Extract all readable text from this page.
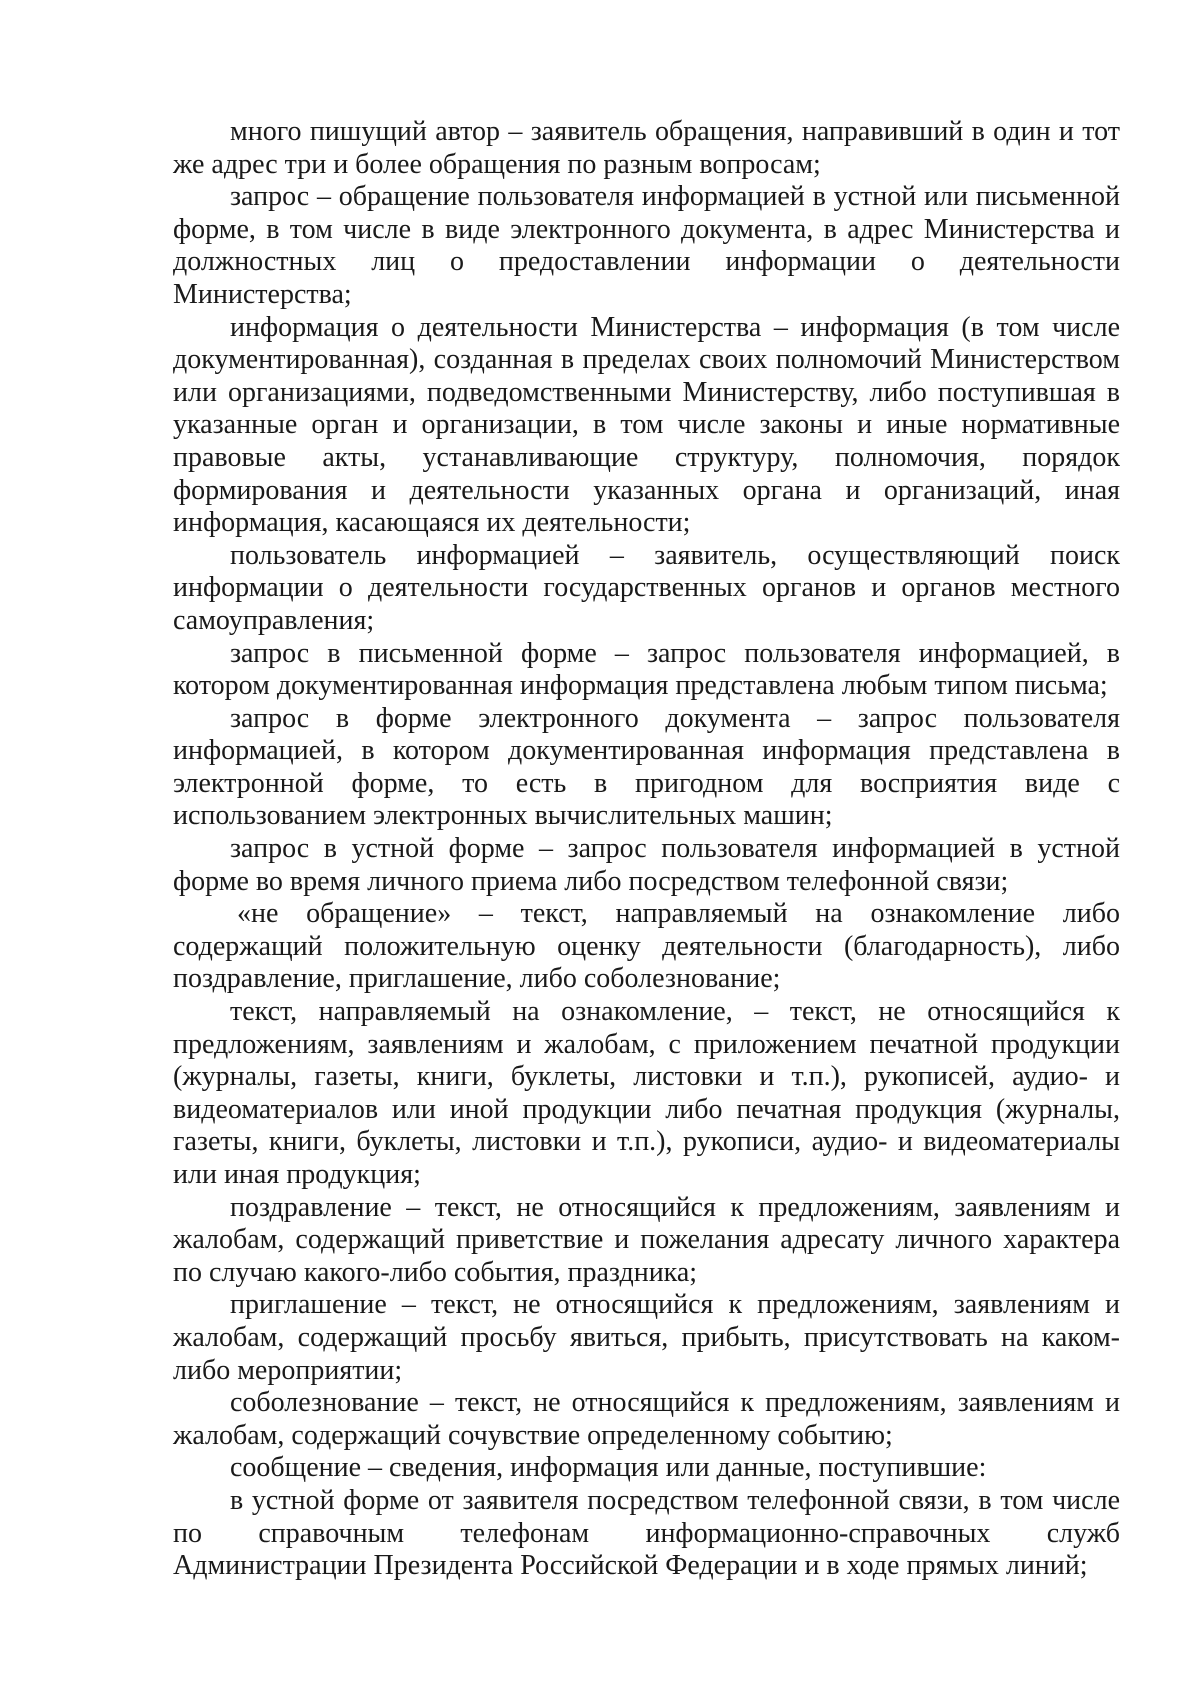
много пишущий автор – заявитель обращения, направивший в один и тот же адрес три и более обращения по разным вопросам;

запрос – обращение пользователя информацией в устной или письменной форме, в том числе в виде электронного документа, в адрес Министерства и должностных лиц о предоставлении информации о деятельности Министерства;

информация о деятельности Министерства – информация (в том числе документированная), созданная в пределах своих полномочий Министерством или организациями, подведомственными Министерству, либо поступившая в указанные орган и организации, в том числе законы и иные нормативные правовые акты, устанавливающие структуру, полномочия, порядок формирования и деятельности указанных органа и организаций, иная информация, касающаяся их деятельности;

пользователь информацией – заявитель, осуществляющий поиск информации о деятельности государственных органов и органов местного самоуправления;

запрос в письменной форме – запрос пользователя информацией, в котором документированная информация представлена любым типом письма;

запрос в форме электронного документа – запрос пользователя информацией, в котором документированная информация представлена в электронной форме, то есть в пригодном для восприятия виде с использованием электронных вычислительных машин;

запрос в устной форме – запрос пользователя информацией в устной форме во время личного приема либо посредством телефонной связи;

«не обращение» – текст, направляемый на ознакомление либо содержащий положительную оценку деятельности (благодарность), либо поздравление, приглашение, либо соболезнование;

текст, направляемый на ознакомление, – текст, не относящийся к предложениям, заявлениям и жалобам, с приложением печатной продукции (журналы, газеты, книги, буклеты, листовки и т.п.), рукописей, аудио- и видеоматериалов или иной продукции либо печатная продукция (журналы, газеты, книги, буклеты, листовки и т.п.), рукописи, аудио- и видеоматериалы или иная продукция;

поздравление – текст, не относящийся к предложениям, заявлениям и жалобам, содержащий приветствие и пожелания адресату личного характера по случаю какого-либо события, праздника;

приглашение – текст, не относящийся к предложениям, заявлениям и жалобам, содержащий просьбу явиться, прибыть, присутствовать на каком-либо мероприятии;

соболезнование – текст, не относящийся к предложениям, заявлениям и жалобам, содержащий сочувствие определенному событию;

сообщение – сведения, информация или данные, поступившие:

в устной форме от заявителя посредством телефонной связи, в том числе по справочным телефонам информационно-справочных служб Администрации Президента Российской Федерации и в ходе прямых линий;
